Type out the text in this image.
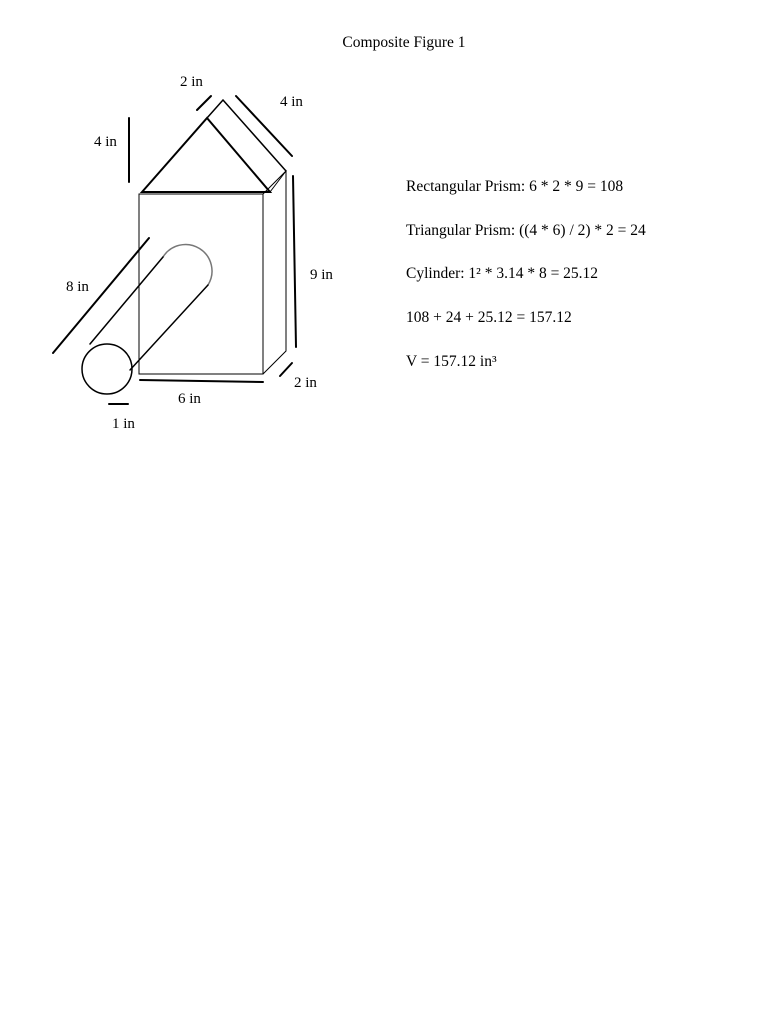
Composite Figure 1
2 in
4 in
4 in
9 in
8 in
6 in
2 in
1 in
Rectangular Prism: 6 * 2 * 9 = 108
Triangular Prism: ((4 * 6) / 2) * 2 = 24
Cylinder: 1² * 3.14 * 8 = 25.12
108 + 24 + 25.12 = 157.12
V = 157.12 in³
